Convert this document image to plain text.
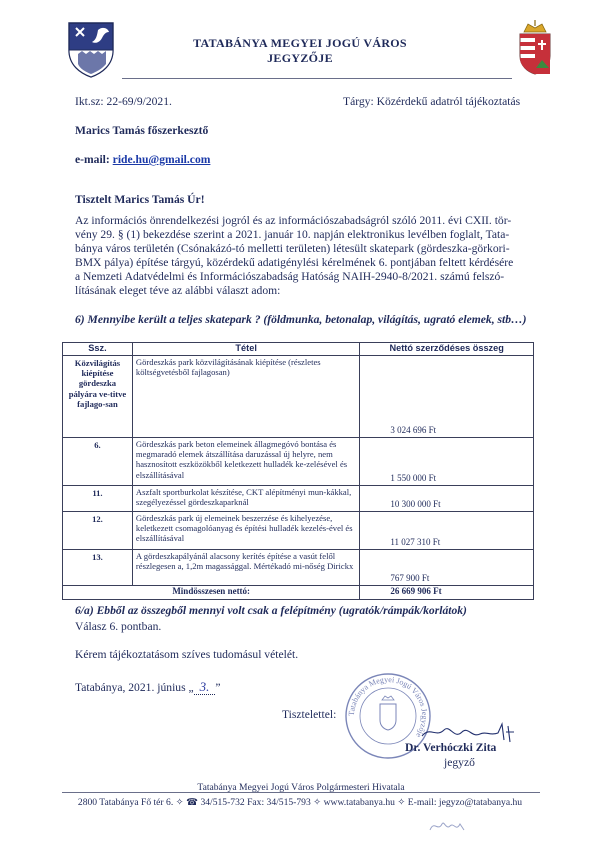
TATABÁNYA MEGYEI JOGÚ VÁROS
JEGYZŐJE
Ikt.sz: 22-69/9/2021.	Tárgy: Közérdekű adatról tájékoztatás
Marics Tamás főszerkesztő
e-mail: ride.hu@gmail.com
Tisztelt Marics Tamás Úr!
Az információs önrendelkezési jogról és az információszabadságról szóló 2011. évi CXII. tör-
vény 29. § (1) bekezdése szerint a 2021. január 10. napján elektronikus levélben foglalt, Tata-
bánya város területén (Csónakázó-tó melletti területen) létesült skatepark (gördeszka-görkori-
BMX pálya) építése tárgyú, közérdekű adatigénylési kérelmének 6. pontjában feltett kérdésére
a Nemzeti Adatvédelmi és Információszabadság Hatóság NAIH-2940-8/2021. számú felszó-
lításának eleget téve az alábbi választ adom:
6) Mennyibe került a teljes skatepark ? (földmunka, betonalap, világítás, ugrató elemek, stb…)
Ssz.	Tétel	Nettó szerződéses összeg
Közvilágítás kiépítése gördeszka pályára ve-titve fajlago-san	Gördeszkás park közvilágításának kiépítése (részletes költségvetésből fajlagosan)	3 024 696 Ft

6.	Gördeszkás park beton elemeinek állagmegóvó bontása és megmaradó elemek átszállítása daruzással új helyre, nem hasznosított eszközökből keletkezett hulladék ke-zelésével és elszállításával	1 550 000 Ft

11.	Aszfalt sportburkolat készítése, CKT alépítményi mun-kákkal, szegélyezéssel gördeszkaparknál	10 300 000 Ft

12.	Gördeszkás park új elemeinek beszerzése és kihelyezése, keletkezett csomagolóanyag és építési hulladék kezelés-ével és elszállításával	11 027 310 Ft

13.	A gördeszkapályánál alacsony kerítés építése a vasút felől részlegesen a, 1,2m magassággal. Mértékadó mi-nőség Dirickx	767 900 Ft

Mindösszesen nettó:		26 669 906 Ft
6/a) Ebből az összegből mennyi volt csak a felépítmény (ugratók/rámpák/korlátok)
Válasz 6. pontban.
Kérem tájékoztatásom szíves tudomásul vételét.
Tatabánya, 2021. június „ 3. ”
Tisztelettel: Tatabánya Megyei Jogú Város Jegyzője
Dr. Verhóczki Zita
jegyző
Tatabánya Megyei Jogú Város Polgármesteri Hivatala
2800 Tatabánya Fő tér 6. ✧ ☎ 34/515-732 Fax: 34/515-793 ✧ www.tatabanya.hu ✧ E-mail: jegyzo@tatabanya.hu
